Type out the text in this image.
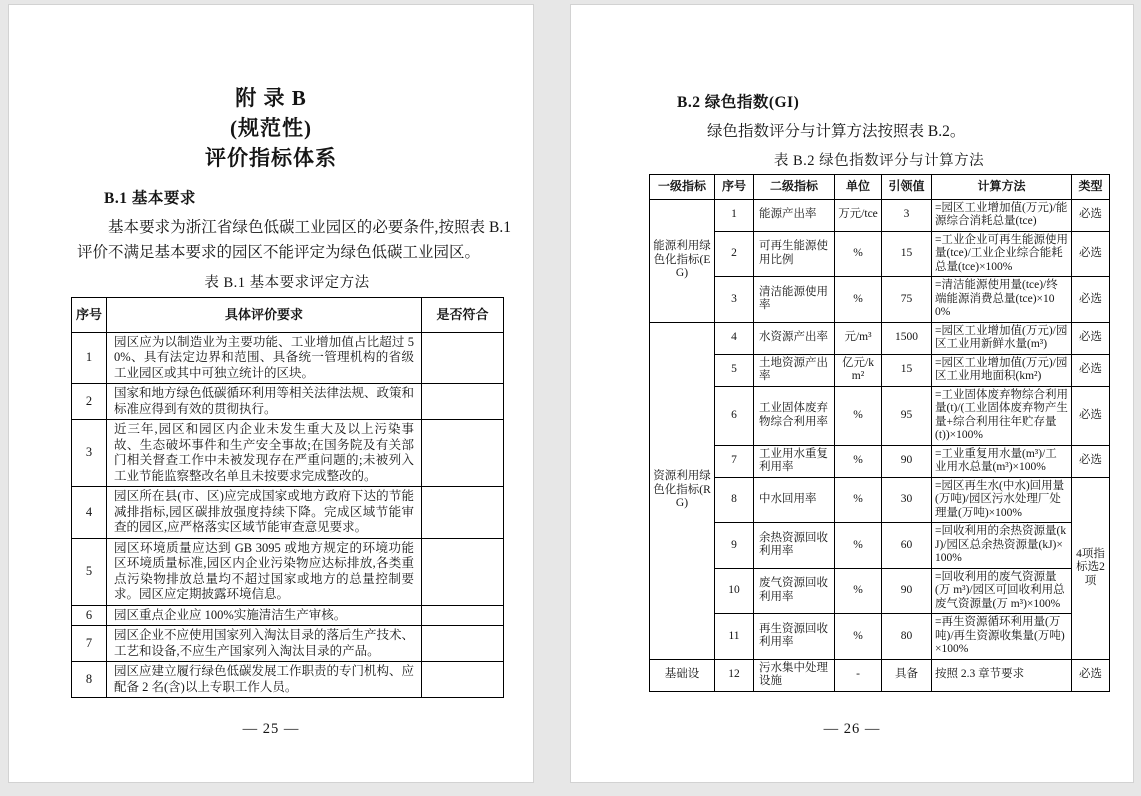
附 录 B
(规范性)
评价指标体系
B.1 基本要求
基本要求为浙江省绿色低碳工业园区的必要条件,按照表 B.1 评价不满足基本要求的园区不能评定为绿色低碳工业园区。
表 B.1 基本要求评定方法
序号	具体评价要求	是否符合
1	园区应为以制造业为主要功能、工业增加值占比超过 50%、具有法定边界和范围、具备统一管理机构的省级工业园区或其中可独立统计的区块。	
2	国家和地方绿色低碳循环利用等相关法律法规、政策和标准应得到有效的贯彻执行。	
3	近三年,园区和园区内企业未发生重大及以上污染事故、生态破坏事件和生产安全事故;在国务院及有关部门相关督查工作中未被发现存在严重问题的;未被列入工业节能监察整改名单且未按要求完成整改的。	
4	园区所在县(市、区)应完成国家或地方政府下达的节能减排指标,园区碳排放强度持续下降。完成区域节能审查的园区,应严格落实区域节能审查意见要求。	
5	园区环境质量应达到 GB 3095 或地方规定的环境功能区环境质量标准,园区内企业污染物应达标排放,各类重点污染物排放总量均不超过国家或地方的总量控制要求。园区应定期披露环境信息。	
6	园区重点企业应 100%实施清洁生产审核。	
7	园区企业不应使用国家列入淘汰目录的落后生产技术、工艺和设备,不应生产国家列入淘汰目录的产品。	
8	园区应建立履行绿色低碳发展工作职责的专门机构、应配备 2 名(含)以上专职工作人员。	
— 25 —
B.2 绿色指数(GI)
绿色指数评分与计算方法按照表 B.2。
表 B.2 绿色指数评分与计算方法
一级指标	序号	二级指标	单位	引领值	计算方法	类型
能源利用绿色化指标(EG)	1	能源产出率	万元/tce	3	=园区工业增加值(万元)/能源综合消耗总量(tce)	必选
	2	可再生能源使用比例	%	15	=工业企业可再生能源使用量(tce)/工业企业综合能耗总量(tce)×100%	必选
	3	清洁能源使用率	%	75	=清洁能源使用量(tce)/终端能源消费总量(tce)×100%	必选
资源利用绿色化指标(RG)	4	水资源产出率	元/m³	1500	=园区工业增加值(万元)/园区工业用新鲜水量(m³)	必选
	5	土地资源产出率	亿元/km²	15	=园区工业增加值(万元)/园区工业用地面积(km²)	必选
	6	工业固体废弃物综合利用率	%	95	=工业固体废弃物综合利用量(t)/(工业固体废弃物产生量+综合利用往年贮存量(t))×100%	必选
	7	工业用水重复利用率	%	90	=工业重复用水量(m³)/工业用水总量(m³)×100%	必选
	8	中水回用率	%	30	=园区再生水(中水)回用量(万吨)/园区污水处理厂处理量(万吨)×100%	4项指标选2项
	9	余热资源回收利用率	%	60	=回收利用的余热资源量(kJ)/园区总余热资源量(kJ)×100%	
	10	废气资源回收利用率	%	90	=回收利用的废气资源量(万 m³)/园区可回收利用总废气资源量(万 m³)×100%	
	11	再生资源回收利用率	%	80	=再生资源循环利用量(万吨)/再生资源收集量(万吨)×100%	
基础设	12	污水集中处理设施	-	具备	按照 2.3 章节要求	必选
— 26 —
